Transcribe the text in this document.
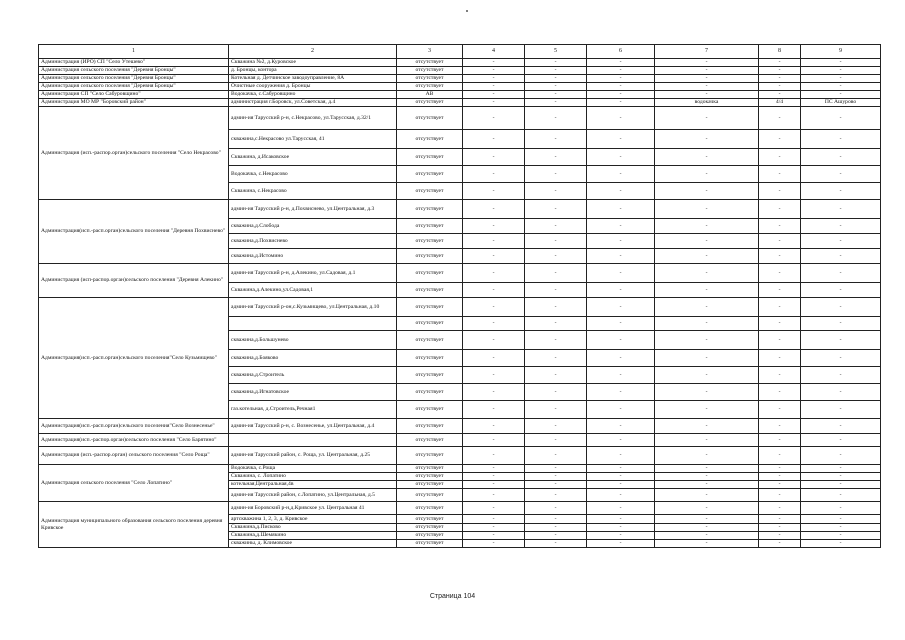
1	2	3	4	5	6	7	8	9
Администрация (ИРО) СП "Село Утешево"	Скважина №2, д.Куровское	отсутствует	-	-	-	-	-	-
Администрация сельского поселения "Деревня Бронцы"	д. Бронцы, контора	отсутствует	-	-	-	-	-	-
Администрация сельского поселения "Деревня Бронцы"	Котельная д. Детчинское заводоуправление, 8А	отсутствует	-	-	-	-	-	-
Администрация сельского поселения "Деревня Бронцы"	Очистные сооружения д. Бронцы	отсутствует	-	-	-	-	-	-
Администрация СП "Село Сабуровщино"	Водокачка, с.Сабуровщино	АВ	-	-	-	-	-	-
Администрация МО МР "Боровский район"	администрация г.Боровск, ул.Советская, д.4	отсутствует	-	-	-	водокачка	4/4	ПС Ашурово
Администрация (исп.-распор.орган)сельского поселения "Село Некрасово"	админ-ия Тарусский р-н, с.Некрасово, ул.Тарусская, д.32/1	отсутствует	-	-	-	-	-	-
	скважина,с.Некрасово ул.Тарусская, 41	отсутствует	-	-	-	-	-	-
	Скважина, д.Исаковское	отсутствует	-	-	-	-	-	-
	Водокачка, с.Некрасово	отсутствует	-	-	-	-	-	-
	Скважина, с.Некрасово	отсутствует	-	-	-	-	-	-
Администрация(исп.-расп.орган)сельского поселения "Деревня Похвиснево"	админ-ия Тарусский р-н, д.Похвиснево, ул.Центральная, д.3	отсутствует	-	-	-	-	-	-
	скважина,д.Слобода	отсутствует	-	-	-	-	-	-
	скважина,д.Похвиснево	отсутствует	-	-	-	-	-	-
	скважина,д.Истомино	отсутствует	-	-	-	-	-	-
Администрация (исп-распор.орган)сельского поселения "Деревня Алекино"	админ-ия Тарусский р-н, д.Алекино, ул.Садовая, д.1	отсутствует	-	-	-	-	-	-
	Скважина,д.Алекино,ул.Садовая,1	отсутствует	-	-	-	-	-	-
Администрация(исп.-расп.орган)сельского поселения"Село Кузьмищево"	админ-ия Тарусский р-он,с.Кузьмищево, ул.Центральная, д.10	отсутствует	-	-	-	-	-	-
		отсутствует	-	-	-	-	-	-
	скважина,д.Большунево	отсутствует	-	-	-	-	-	-
	скважина,д.Бояково	отсутствует	-	-	-	-	-	-
	скважина,д.Строитель	отсутствует	-	-	-	-	-	-
	скважина,д.Игнатовское	отсутствует	-	-	-	-	-	-
	газ.котельная, д.Строитель,Речная1	отсутствует	-	-	-	-	-	-
Администрация(исп.-расп.орган)сельского поселения"Село Вознесенье"	админ-ия Тарусский р-н, с. Вознесенье, ул.Центральная, д.4	отсутствует	-	-	-	-	-	-
Администрация(исп.-распор.орган)сельского поселения "Село Барятино"		отсутствует	-	-	-	-	-	-
Администрация (исп.-распор.орган) сельского поселения "Село Роща"	админ-ия Тарусский район, с. Роща, ул. Центральная, д.25	отсутствует	-	-	-	-	-	-
Администрация сельского поселения "Село Лопатино"	Водокачка, с.Роща	отсутствует	-	-	-	-	-	-
	Скважина, с. Лопатино	отсутствует	-	-	-	-	-	-
	котельная,Центральная,4в	отсутствует	-	-	-	-	-	-
	админ-ия Тарусский район, с.Лопатино, ул.Центральная, д.5	отсутствует	-	-	-	-	-	-
Администрация муниципального образования сельского поселения деревня Кривское	админ-ия Боровский р-н,д.Кривское ул. Центральная 41	отсутствует	-	-	-	-	-	-
	артскважина 1, 2, 3, д. Кривское	отсутствует	-	-	-	-	-	-
	Скважина,д.Писково	отсутствует	-	-	-	-	-	-
	Скважина,д.Шемякино	отсутствует	-	-	-	-	-	-
	скважины, д. Климовское	отсутствует	-	-	-	-	-	-
Страница 104
